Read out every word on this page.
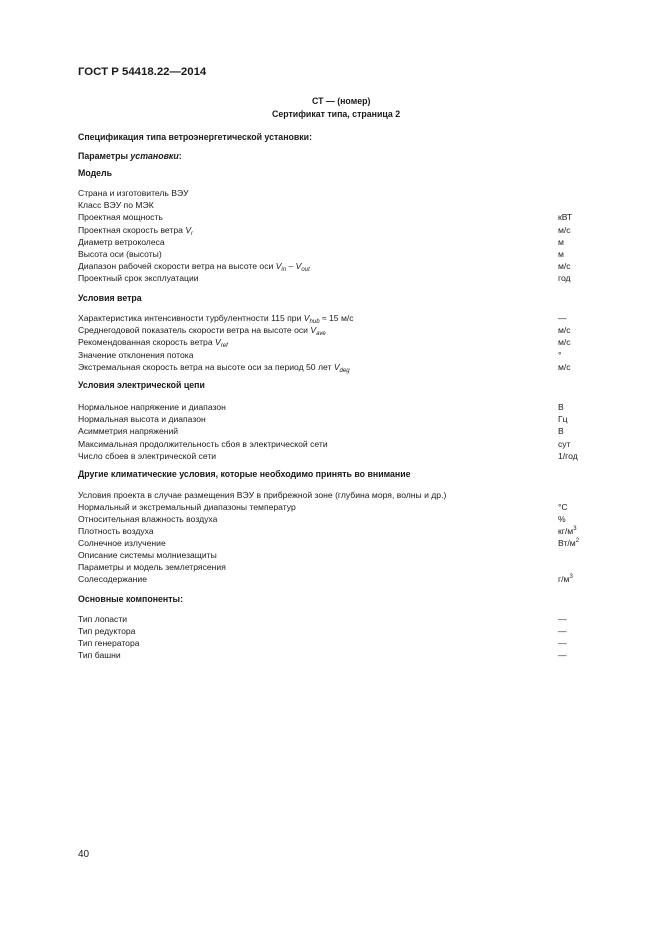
ГОСТ Р 54418.22—2014
СТ — (номер)
Сертификат типа, страница 2
Спецификация типа ветроэнергетической установки:
Параметры установки:
Модель
Страна и изготовитель ВЭУ
Класс ВЭУ по МЭК
Проектная мощность	кВТ
Проектная скорость ветра $V_r$	м/с
Диаметр ветроколеса	м
Высота оси (высоты)	м
Диапазон рабочей скорости ветра на высоте оси $V_{in} - V_{out}$	м/с
Проектный срок эксплуатации	год
Условия ветра
Характеристика интенсивности турбулентности 115 при $V_{hub} \approx 15$ м/с	—
Среднегодовой показатель скорости ветра на высоте оси $V_{ave}$	м/с
Рекомендованная скорость ветра $V_{ref}$	м/с
Значение отклонения потока	°
Экстремальная скорость ветра на высоте оси за период 50 лет $V_{deg}$	м/с
Условия электрической цепи
Нормальное напряжение и диапазон	В
Нормальная высота и диапазон	Гц
Асимметрия напряжений	В
Максимальная продолжительность сбоя в электрической сети	сут
Число сбоев в электрической сети	1/год
Другие климатические условия, которые необходимо принять во внимание
Условия проекта в случае размещения ВЭУ в прибрежной зоне (глубина моря, волны и др.)
Нормальный и экстремальный диапазоны температур	°С
Относительная влажность воздуха	%
Плотность воздуха	$кг/м^3$
Солнечное излучение	$Вт/м^2$
Описание системы молниезащиты
Параметры и модель землетрясения
Солесодержание	$г/м^3$
Основные компоненты:
Тип лопасти	—
Тип редуктора	—
Тип генератора	—
Тип башни	—
40
